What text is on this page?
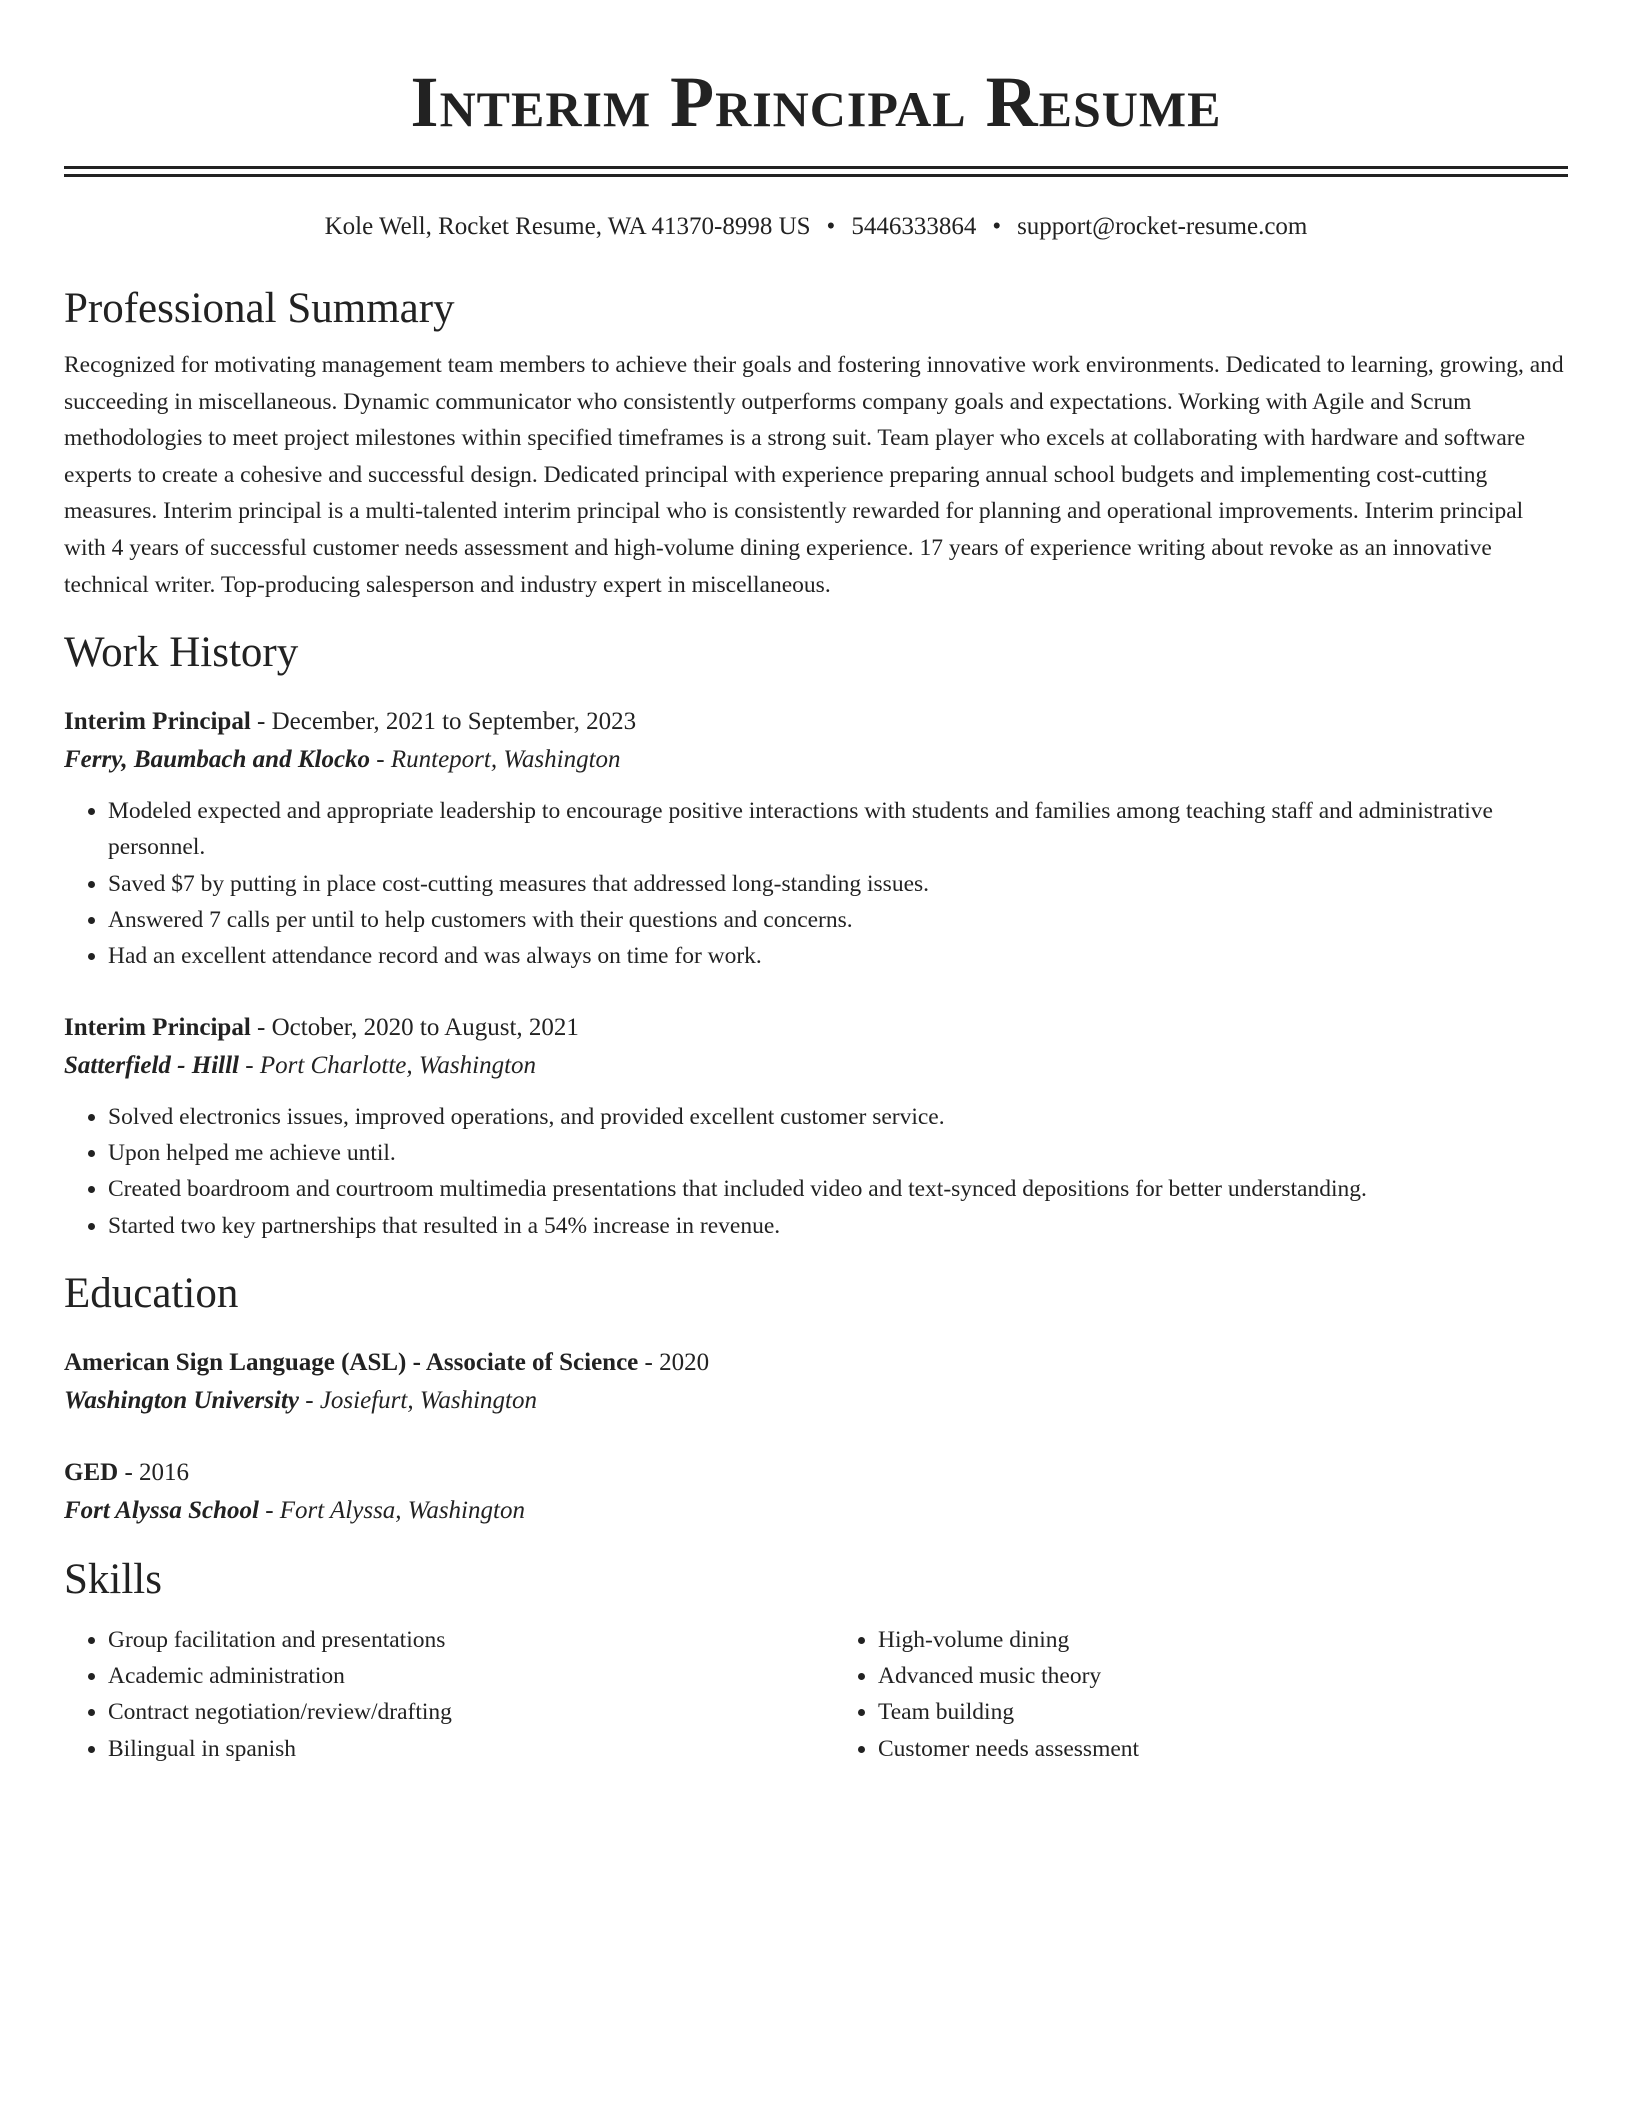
Interim Principal Resume
Kole Well, Rocket Resume, WA 41370-8998 US • 5446333864 • support@rocket-resume.com
Professional Summary
Recognized for motivating management team members to achieve their goals and fostering innovative work environments. Dedicated to learning, growing, and succeeding in miscellaneous. Dynamic communicator who consistently outperforms company goals and expectations. Working with Agile and Scrum methodologies to meet project milestones within specified timeframes is a strong suit. Team player who excels at collaborating with hardware and software experts to create a cohesive and successful design. Dedicated principal with experience preparing annual school budgets and implementing cost-cutting measures. Interim principal is a multi-talented interim principal who is consistently rewarded for planning and operational improvements. Interim principal with 4 years of successful customer needs assessment and high-volume dining experience. 17 years of experience writing about revoke as an innovative technical writer. Top-producing salesperson and industry expert in miscellaneous.
Work History
Interim Principal - December, 2021 to September, 2023
Ferry, Baumbach and Klocko - Runteport, Washington
• Modeled expected and appropriate leadership to encourage positive interactions with students and families among teaching staff and administrative personnel.
• Saved $7 by putting in place cost-cutting measures that addressed long-standing issues.
• Answered 7 calls per until to help customers with their questions and concerns.
• Had an excellent attendance record and was always on time for work.
Interim Principal - October, 2020 to August, 2021
Satterfield - Hilll - Port Charlotte, Washington
• Solved electronics issues, improved operations, and provided excellent customer service.
• Upon helped me achieve until.
• Created boardroom and courtroom multimedia presentations that included video and text-synced depositions for better understanding.
• Started two key partnerships that resulted in a 54% increase in revenue.
Education
American Sign Language (ASL) - Associate of Science - 2020
Washington University - Josiefurt, Washington
GED - 2016
Fort Alyssa School - Fort Alyssa, Washington
Skills
• Group facilitation and presentations
• Academic administration
• Contract negotiation/review/drafting
• Bilingual in spanish
• High-volume dining
• Advanced music theory
• Team building
• Customer needs assessment
